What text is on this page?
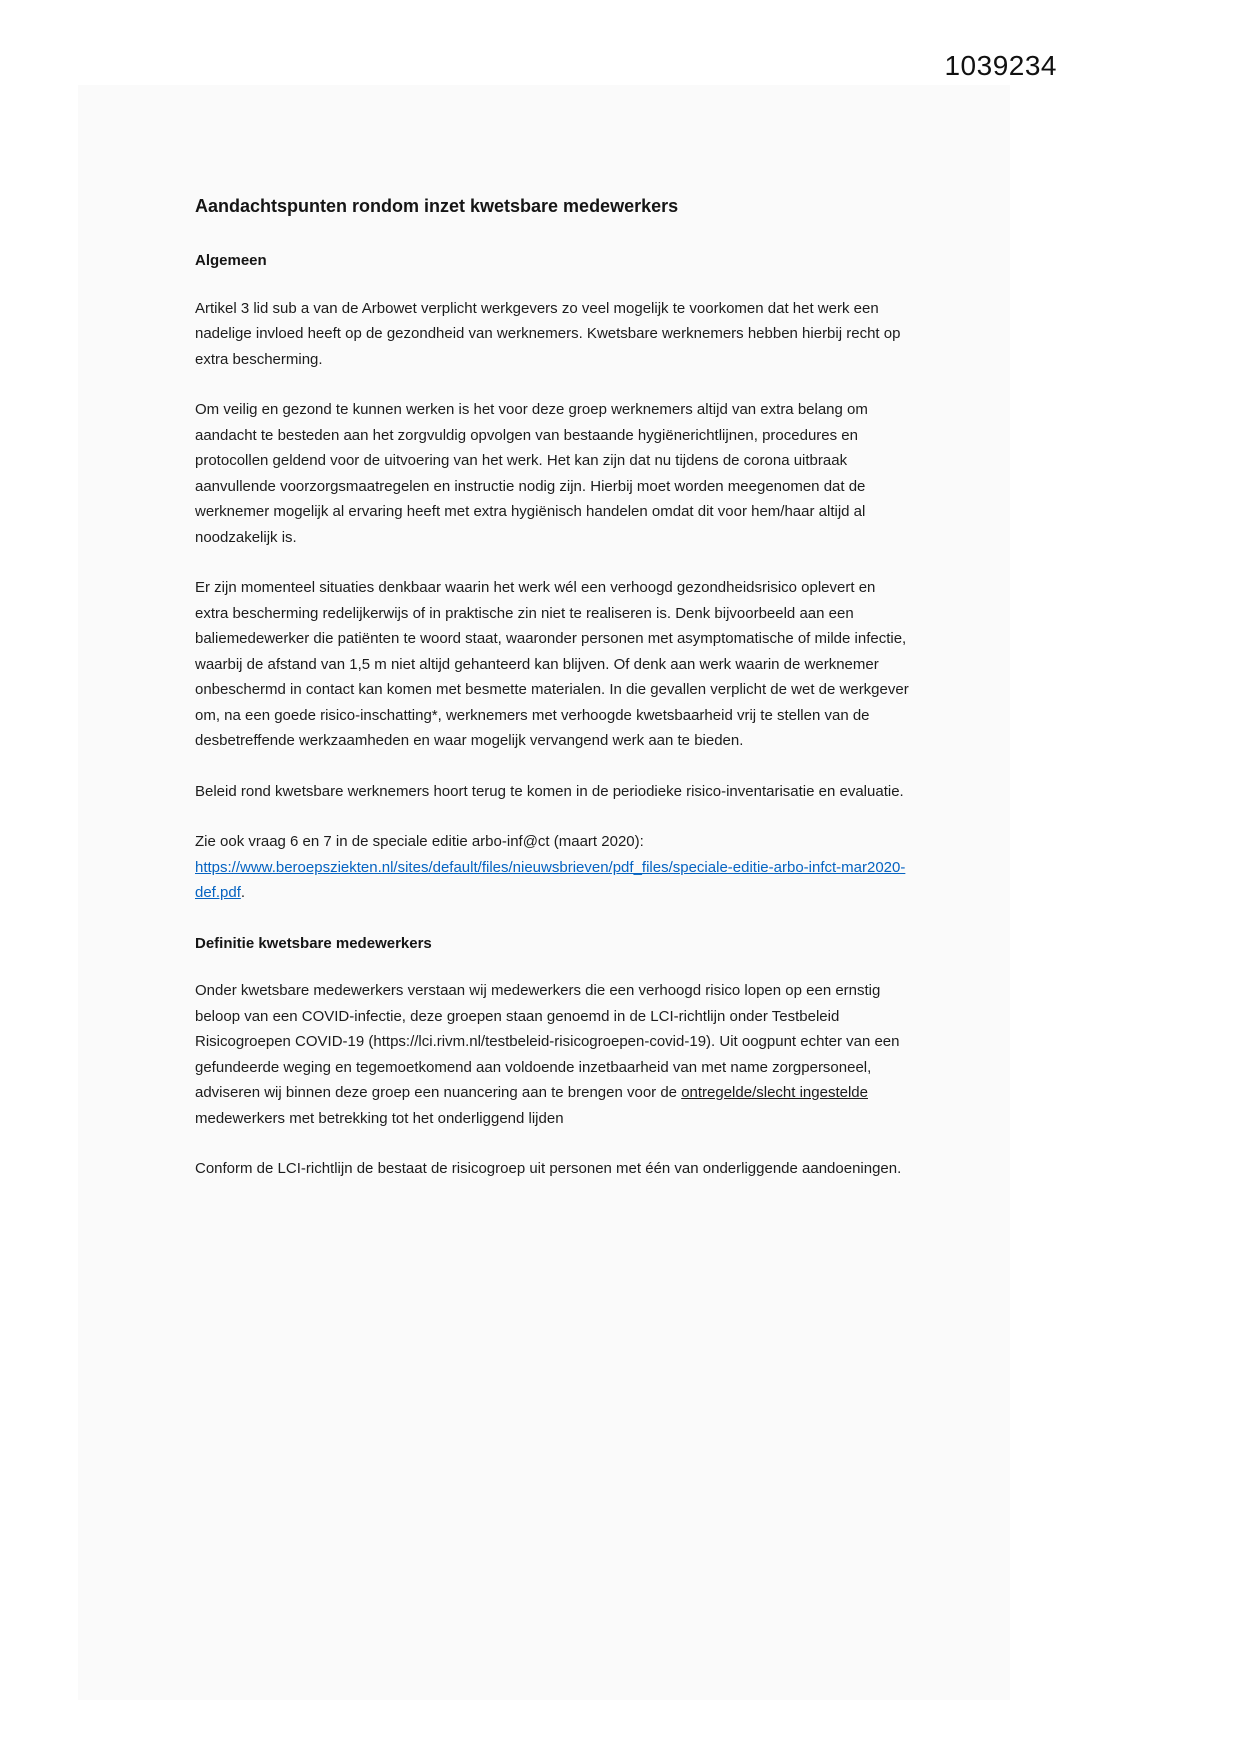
1039234
Aandachtspunten rondom inzet kwetsbare medewerkers
Algemeen

Artikel 3 lid sub a van de Arbowet verplicht werkgevers zo veel mogelijk te voorkomen dat het werk een nadelige invloed heeft op de gezondheid van werknemers. Kwetsbare werknemers hebben hierbij recht op extra bescherming.

Om veilig en gezond te kunnen werken is het voor deze groep werknemers altijd van extra belang om aandacht te besteden aan het zorgvuldig opvolgen van bestaande hygiënerichtlijnen, procedures en protocollen geldend voor de uitvoering van het werk. Het kan zijn dat nu tijdens de corona uitbraak aanvullende voorzorgsmaatregelen en instructie nodig zijn. Hierbij moet worden meegenomen dat de werknemer mogelijk al ervaring heeft met extra hygiënisch handelen omdat dit voor hem/haar altijd al noodzakelijk is.

Er zijn momenteel situaties denkbaar waarin het werk wél een verhoogd gezondheidsrisico oplevert en extra bescherming redelijkerwijs of in praktische zin niet te realiseren is. Denk bijvoorbeeld aan een baliemedewerker die patiënten te woord staat, waaronder personen met asymptomatische of milde infectie, waarbij de afstand van 1,5 m niet altijd gehanteerd kan blijven. Of denk aan werk waarin de werknemer onbeschermd in contact kan komen met besmette materialen. In die gevallen verplicht de wet de werkgever om, na een goede risico-inschatting*, werknemers met verhoogde kwetsbaarheid vrij te stellen van de desbetreffende werkzaamheden en waar mogelijk vervangend werk aan te bieden.

Beleid rond kwetsbare werknemers hoort terug te komen in de periodieke risico-inventarisatie en evaluatie.

Zie ook vraag 6 en 7 in de speciale editie arbo-inf@ct (maart 2020): https://www.beroepsziekten.nl/sites/default/files/nieuwsbrieven/pdf_files/speciale-editie-arbo-infct-mar2020-def.pdf.

Definitie kwetsbare medewerkers

Onder kwetsbare medewerkers verstaan wij medewerkers die een verhoogd risico lopen op een ernstig beloop van een COVID-infectie, deze groepen staan genoemd in de LCI-richtlijn onder Testbeleid Risicogroepen COVID-19 (https://lci.rivm.nl/testbeleid-risicogroepen-covid-19). Uit oogpunt echter van een gefundeerde weging en tegemoetkomend aan voldoende inzetbaarheid van met name zorgpersoneel, adviseren wij binnen deze groep een nuancering aan te brengen voor de ontregelde/slecht ingestelde medewerkers met betrekking tot het onderliggend lijden

Conform de LCI-richtlijn de bestaat de risicogroep uit personen met één van onderliggende aandoeningen.
